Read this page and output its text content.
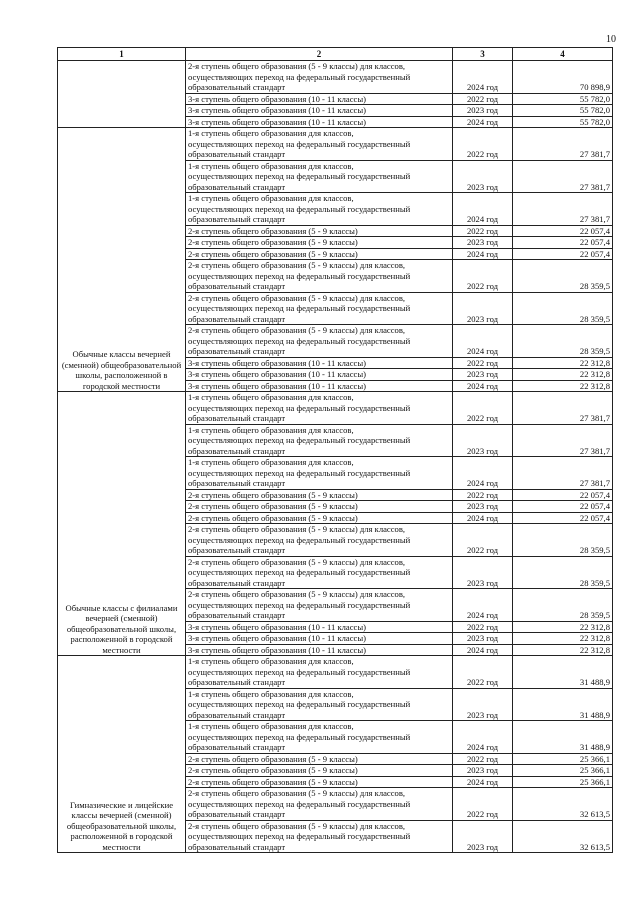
10
1	2	3	4
	2-я ступень общего образования (5 - 9 классы) для классов,
осуществляющих переход на федеральный государственный
образовательный стандарт	2024 год	70 898,9
	3-я ступень общего образования (10 - 11 классы)	2022 год	55 782,0
	3-я ступень общего образования (10 - 11 классы)	2023 год	55 782,0
	3-я ступень общего образования (10 - 11 классы)	2024 год	55 782,0
Обычные классы вечерней (сменной) общеобразовательной школы, расположенной в городской местности	1-я ступень общего образования для классов,
осуществляющих переход на федеральный государственный
образовательный стандарт	2022 год	27 381,7
	1-я ступень общего образования для классов,
осуществляющих переход на федеральный государственный
образовательный стандарт	2023 год	27 381,7
	1-я ступень общего образования для классов,
осуществляющих переход на федеральный государственный
образовательный стандарт	2024 год	27 381,7
	2-я ступень общего образования (5 - 9 классы)	2022 год	22 057,4
	2-я ступень общего образования (5 - 9 классы)	2023 год	22 057,4
	2-я ступень общего образования (5 - 9 классы)	2024 год	22 057,4
	2-я ступень общего образования (5 - 9 классы) для классов,
осуществляющих переход на федеральный государственный
образовательный стандарт	2022 год	28 359,5
	2-я ступень общего образования (5 - 9 классы) для классов,
осуществляющих переход на федеральный государственный
образовательный стандарт	2023 год	28 359,5
	2-я ступень общего образования (5 - 9 классы) для классов,
осуществляющих переход на федеральный государственный
образовательный стандарт	2024 год	28 359,5
	3-я ступень общего образования (10 - 11 классы)	2022 год	22 312,8
	3-я ступень общего образования (10 - 11 классы)	2023 год	22 312,8
	3-я ступень общего образования (10 - 11 классы)	2024 год	22 312,8
Обычные классы с филиалами вечерней (сменной) общеобразовательной школы, расположенной в городской местности	1-я ступень общего образования для классов,
осуществляющих переход на федеральный государственный
образовательный стандарт	2022 год	27 381,7
	1-я ступень общего образования для классов,
осуществляющих переход на федеральный государственный
образовательный стандарт	2023 год	27 381,7
	1-я ступень общего образования для классов,
осуществляющих переход на федеральный государственный
образовательный стандарт	2024 год	27 381,7
	2-я ступень общего образования (5 - 9 классы)	2022 год	22 057,4
	2-я ступень общего образования (5 - 9 классы)	2023 год	22 057,4
	2-я ступень общего образования (5 - 9 классы)	2024 год	22 057,4
	2-я ступень общего образования (5 - 9 классы) для классов,
осуществляющих переход на федеральный государственный
образовательный стандарт	2022 год	28 359,5
	2-я ступень общего образования (5 - 9 классы) для классов,
осуществляющих переход на федеральный государственный
образовательный стандарт	2023 год	28 359,5
	2-я ступень общего образования (5 - 9 классы) для классов,
осуществляющих переход на федеральный государственный
образовательный стандарт	2024 год	28 359,5
	3-я ступень общего образования (10 - 11 классы)	2022 год	22 312,8
	3-я ступень общего образования (10 - 11 классы)	2023 год	22 312,8
	3-я ступень общего образования (10 - 11 классы)	2024 год	22 312,8
Гимназические и лицейские классы вечерней (сменной) общеобразовательной школы, расположенной в городской местности	1-я ступень общего образования для классов,
осуществляющих переход на федеральный государственный
образовательный стандарт	2022 год	31 488,9
	1-я ступень общего образования для классов,
осуществляющих переход на федеральный государственный
образовательный стандарт	2023 год	31 488,9
	1-я ступень общего образования для классов,
осуществляющих переход на федеральный государственный
образовательный стандарт	2024 год	31 488,9
	2-я ступень общего образования (5 - 9 классы)	2022 год	25 366,1
	2-я ступень общего образования (5 - 9 классы)	2023 год	25 366,1
	2-я ступень общего образования (5 - 9 классы)	2024 год	25 366,1
	2-я ступень общего образования (5 - 9 классы) для классов,
осуществляющих переход на федеральный государственный
образовательный стандарт	2022 год	32 613,5
	2-я ступень общего образования (5 - 9 классы) для классов,
осуществляющих переход на федеральный государственный
образовательный стандарт	2023 год	32 613,5
